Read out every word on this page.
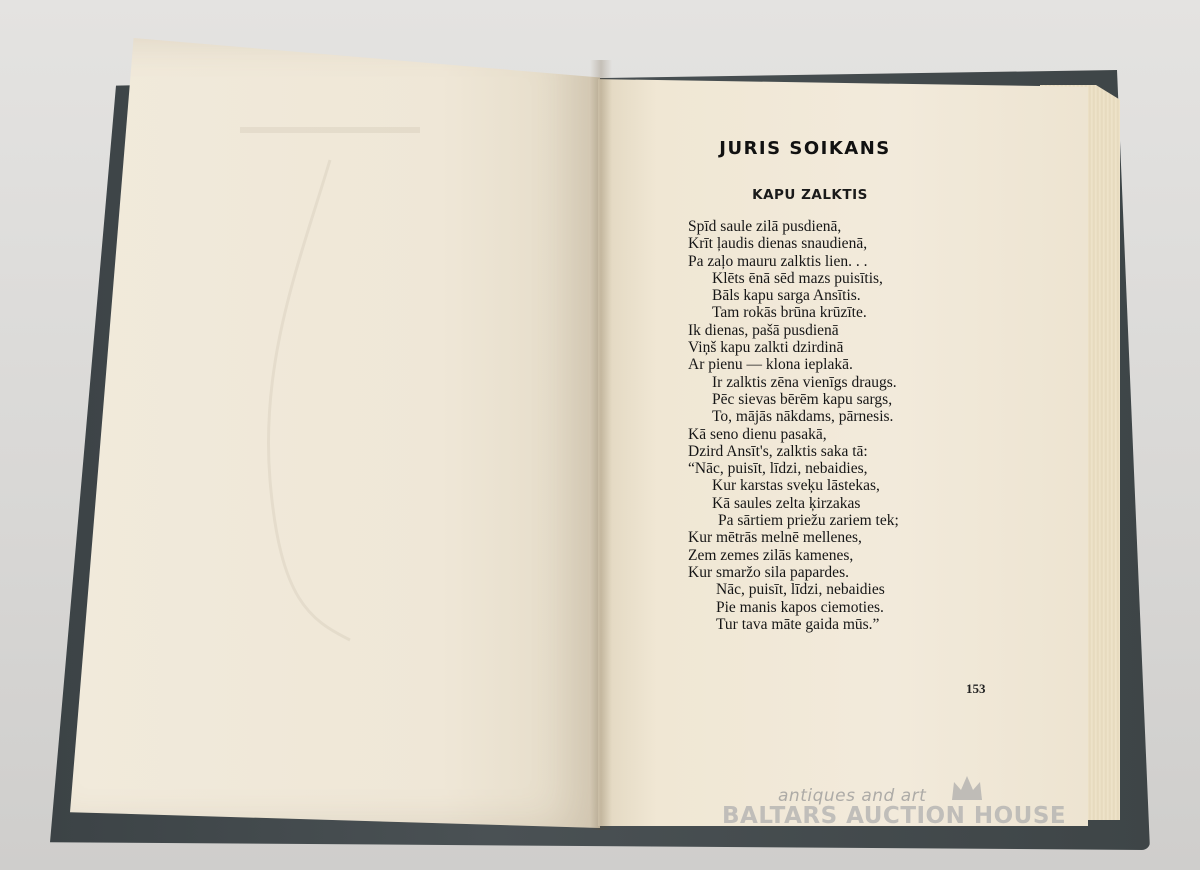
JURIS SOIKANS
KAPU ZALKTIS
Spīd saule zilā pusdienā,
Krīt ļaudis dienas snaudienā,
Pa zaļo mauru zalktis lien. . .
Klēts ēnā sēd mazs puisītis,
Bāls kapu sarga Ansītis.
Tam rokās brūna krūzīte.
Ik dienas, pašā pusdienā
Viņš kapu zalkti dzirdinā
Ar pienu — klona ieplakā.
Ir zalktis zēna vienīgs draugs.
Pēc sievas bērēm kapu sargs,
To, mājās nākdams, pārnesis.
Kā seno dienu pasakā,
Dzird Ansīt's, zalktis saka tā:
“Nāc, puisīt, līdzi, nebaidies,
Kur karstas sveķu lāstekas,
Kā saules zelta ķirzakas
Pa sārtiem priežu zariem tek;
Kur mētrās melnē mellenes,
Zem zemes zilās kamenes,
Kur smaržo sila papardes.
Nāc, puisīt, līdzi, nebaidies
Pie manis kapos ciemoties.
Tur tava māte gaida mūs.”
153
antiques and art
BALTARS AUCTION HOUSE
